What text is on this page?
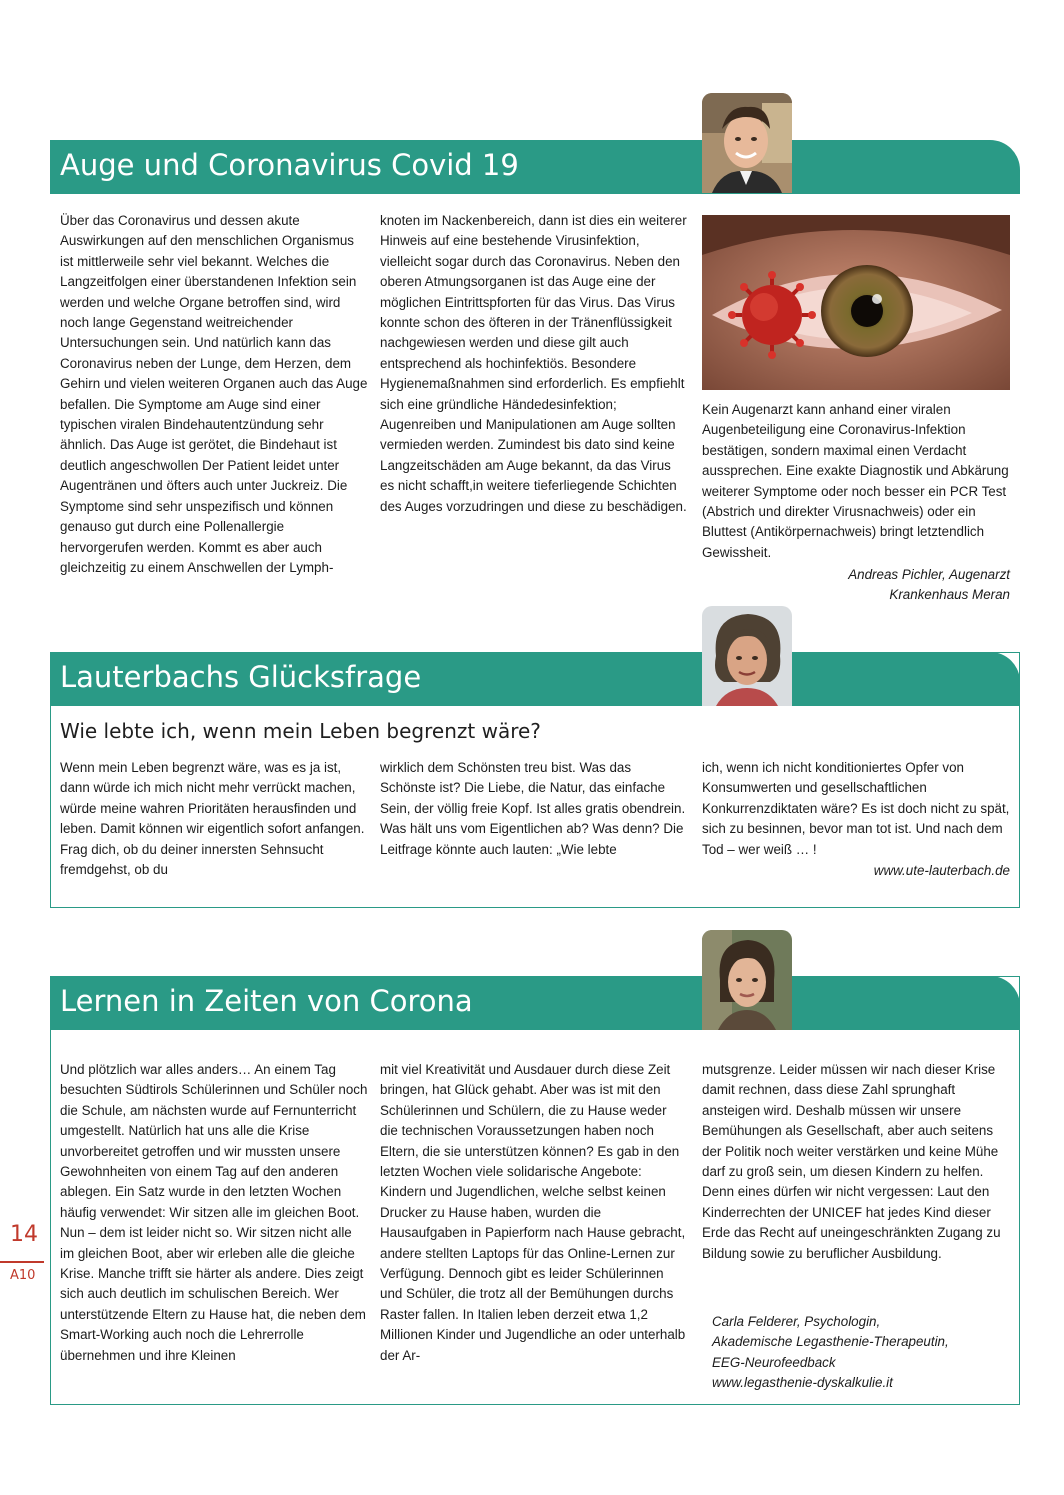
Auge und Coronavirus Covid 19

Über das Coronavirus und dessen akute Auswirkungen auf den menschlichen Organismus ist mittlerweile sehr viel bekannt. Welches die Langzeitfolgen einer überstandenen Infektion sein werden und welche Organe betroffen sind, wird noch lange Gegenstand weitreichender Untersuchungen sein. Und natürlich kann das Coronavirus neben der Lunge, dem Herzen, dem Gehirn und vielen weiteren Organen auch das Auge befallen. Die Symptome am Auge sind einer typischen viralen Bindehautentzündung sehr ähnlich. Das Auge ist gerötet, die Bindehaut ist deutlich angeschwollen Der Patient leidet unter Augentränen und öfters auch unter Juckreiz. Die Symptome sind sehr unspezifisch und können genauso gut durch eine Pollenallergie hervorgerufen werden. Kommt es aber auch gleichzeitig zu einem Anschwellen der Lymph-

knoten im Nackenbereich, dann ist dies ein weiterer Hinweis auf eine bestehende Virusinfektion, vielleicht sogar durch das Coronavirus. Neben den oberen Atmungsorganen ist das Auge eine der möglichen Eintrittspforten für das Virus. Das Virus konnte schon des öfteren in der Tränenflüssigkeit nachgewiesen werden und diese gilt auch entsprechend als hochinfektiös. Besondere Hygienemaßnahmen sind erforderlich. Es empfiehlt sich eine gründliche Händedesinfektion; Augenreiben und Manipulationen am Auge sollten vermieden werden. Zumindest bis dato sind keine Langzeitschäden am Auge bekannt, da das Virus es nicht schafft,in weitere tieferliegende Schichten des Auges vorzudringen und diese zu beschädigen.

Kein Augenarzt kann anhand einer viralen Augenbeteiligung eine Coronavirus-Infektion bestätigen, sondern maximal einen Verdacht aussprechen. Eine exakte Diagnostik und Abkärung weiterer Symptome oder noch besser ein PCR Test (Abstrich und direkter Virusnachweis) oder ein Bluttest (Antikörpernachweis) bringt letztendlich Gewissheit.

Andreas Pichler, Augenarzt
Krankenhaus Meran
Lauterbachs Glücksfrage
Wie lebte ich, wenn mein Leben begrenzt wäre?

Wenn mein Leben begrenzt wäre, was es ja ist, dann würde ich mich nicht mehr verrückt machen, würde meine wahren Prioritäten herausfinden und leben. Damit können wir eigentlich sofort anfangen. Frag dich, ob du deiner innersten Sehnsucht fremdgehst, ob du

wirklich dem Schönsten treu bist. Was das Schönste ist? Die Liebe, die Natur, das einfache Sein, der völlig freie Kopf. Ist alles gratis obendrein. Was hält uns vom Eigentlichen ab? Was denn? Die Leitfrage könnte auch lauten: „Wie lebte

ich, wenn ich nicht konditioniertes Opfer von Konsumwerten und gesellschaftlichen Konkurrenzdiktaten wäre? Es ist doch nicht zu spät, sich zu besinnen, bevor man tot ist. Und nach dem Tod – wer weiß … !

www.ute-lauterbach.de
Lernen in Zeiten von Corona

Und plötzlich war alles anders… An einem Tag besuchten Südtirols Schülerinnen und Schüler noch die Schule, am nächsten wurde auf Fernunterricht umgestellt. Natürlich hat uns alle die Krise unvorbereitet getroffen und wir mussten unsere Gewohnheiten von einem Tag auf den anderen ablegen. Ein Satz wurde in den letzten Wochen häufig verwendet: Wir sitzen alle im gleichen Boot. Nun – dem ist leider nicht so. Wir sitzen nicht alle im gleichen Boot, aber wir erleben alle die gleiche Krise. Manche trifft sie härter als andere. Dies zeigt sich auch deutlich im schulischen Bereich. Wer unterstützende Eltern zu Hause hat, die neben dem Smart-Working auch noch die Lehrerrolle übernehmen und ihre Kleinen

mit viel Kreativität und Ausdauer durch diese Zeit bringen, hat Glück gehabt. Aber was ist mit den Schülerinnen und Schülern, die zu Hause weder die technischen Voraussetzungen haben noch Eltern, die sie unterstützen können? Es gab in den letzten Wochen viele solidarische Angebote: Kindern und Jugendlichen, welche selbst keinen Drucker zu Hause haben, wurden die Hausaufgaben in Papierform nach Hause gebracht, andere stellten Laptops für das Online-Lernen zur Verfügung. Dennoch gibt es leider Schülerinnen und Schüler, die trotz all der Bemühungen durchs Raster fallen. In Italien leben derzeit etwa 1,2 Millionen Kinder und Jugendliche an oder unterhalb der Ar-

mutsgrenze. Leider müssen wir nach dieser Krise damit rechnen, dass diese Zahl sprunghaft ansteigen wird. Deshalb müssen wir unsere Bemühungen als Gesellschaft, aber auch seitens der Politik noch weiter verstärken und keine Mühe darf zu groß sein, um diesen Kindern zu helfen. Denn eines dürfen wir nicht vergessen: Laut den Kinderrechten der UNICEF hat jedes Kind dieser Erde das Recht auf uneingeschränkten Zugang zu Bildung sowie zu beruflicher Ausbildung.

Carla Felderer, Psychologin,
Akademische Legasthenie-Therapeutin,
EEG-Neurofeedback
www.legasthenie-dyskalkulie.it
14
A10
